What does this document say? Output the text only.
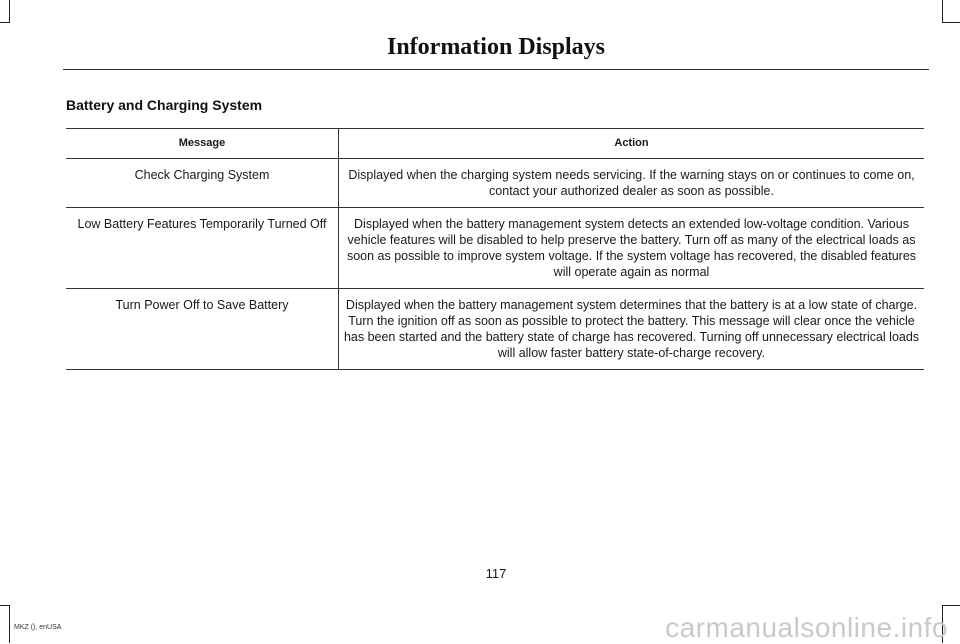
Information Displays
Battery and Charging System
Message	Action
Check Charging System	Displayed when the charging system needs servicing. If the warning stays on or continues to come on, contact your authorized dealer as soon as possible.
Low Battery Features Temporarily Turned Off	Displayed when the battery management system detects an extended low-voltage condition. Various vehicle features will be disabled to help preserve the battery. Turn off as many of the electrical loads as soon as possible to improve system voltage. If the system voltage has recovered, the disabled features will operate again as normal
Turn Power Off to Save Battery	Displayed when the battery management system determines that the battery is at a low state of charge. Turn the ignition off as soon as possible to protect the battery. This message will clear once the vehicle has been started and the battery state of charge has recovered. Turning off unnecessary electrical loads will allow faster battery state-of-charge recovery.
117
MKZ (), enUSA	carmanualsonline.info
